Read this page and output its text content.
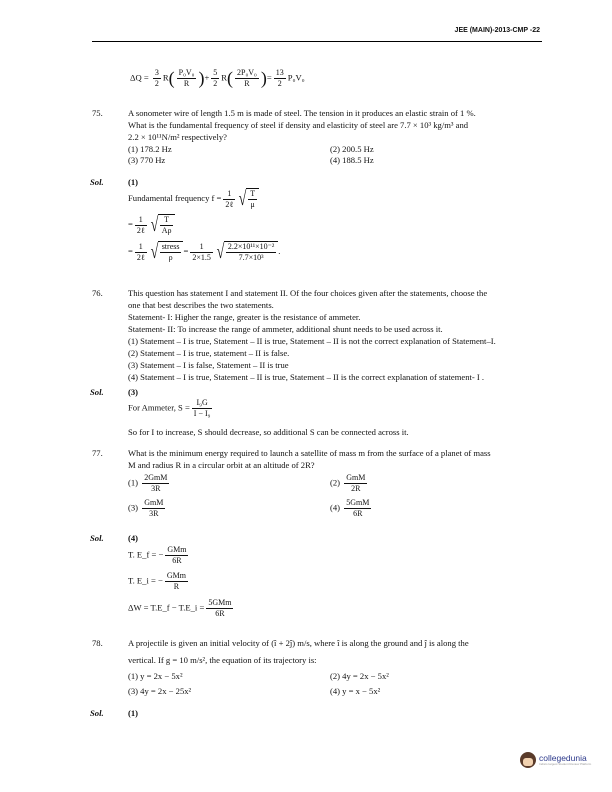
JEE (MAIN)-2013-CMP -22
$\Delta Q = \frac{3}{2} R( \frac{\text{P₀V₀}}{R}$ )+ $\frac{5}{2} R( \frac{\text{2P₀V₀}}{R}$ )= $\frac{13}{2} P_0V_0$
75.	A sonometer wire of length 1.5 m is made of steel. The tension in it produces an elastic strain of 1 %.
What is the fundamental frequency of steel if density and elasticity of steel are 7.7 × 10³ kg/m³ and
2.2 × 10¹¹N/m² respectively?
(1) 178.2 Hz	(2) 200.5 Hz
(3) 770 Hz	(4) 188.5 Hz
Sol.	(1)
Fundamental frequency $f = \frac{1}{\text{2ℓ}}$ √ $\frac{T}{\mu}$
= $\frac{1}{\text{2ℓ}}$ √ $\frac{T}{A\rho}$
= $\frac{1}{\text{2ℓ}}$ √ $\frac{\text{stress}}{\rho} = \frac{1}{2\times 1.5}$ √ $\frac{\text{2.2×10¹¹×10⁻²}}{\text{7.7×10³}}$ .
76.	This question has statement I and statement II. Of the four choices given after the statements, choose the
one that best describes the two statements.
Statement- I: Higher the range, greater is the resistance of ammeter.
Statement- II: To increase the range of ammeter, additional shunt needs to be used across it.
(1) Statement – I is true, Statement – II is true, Statement – II is not the correct explanation of Statement–I.
(2) Statement – I is true, statement – II is false.
(3) Statement – I is false, Statement – II is true
(4) Statement – I is true, Statement – II is true, Statement – II is the correct explanation of statement- I .
Sol.	(3)
For Ammeter, $S = \frac{\text{I₉G}}{\text{I − I₉}}$
So for I to increase, S should decrease, so additional S can be connected across it.
77.	What is the minimum energy required to launch a satellite of mass m from the surface of a planet of mass
M and radius R in a circular orbit at an altitude of 2R?
$(1) \frac{\text{2GmM}}{3R}$	$(2) \frac{\text{GmM}}{2R}$
$(3) \frac{\text{GmM}}{3R}$	$(4) \frac{\text{5GmM}}{6R}$
Sol.	(4)
T. E_f = − $\frac{\text{GMm}}{6R}$
T. E_i = − $\frac{\text{GMm}}{R}$
ΔW = T.E_f − T.E_i = $\frac{\text{5GMm}}{6R}$
78.	A projectile is given an initial velocity of (î + 2ĵ) m/s, where î is along the ground and ĵ is along the
vertical. If g = 10 m/s², the equation of its trajectory is:
(1) y = 2x − 5x²	(2) 4y = 2x − 5x²
(3) 4y = 2x − 25x²	(4) y = x − 5x²
Sol.	(1)
collegedunia
India's largest Student Review Platform
